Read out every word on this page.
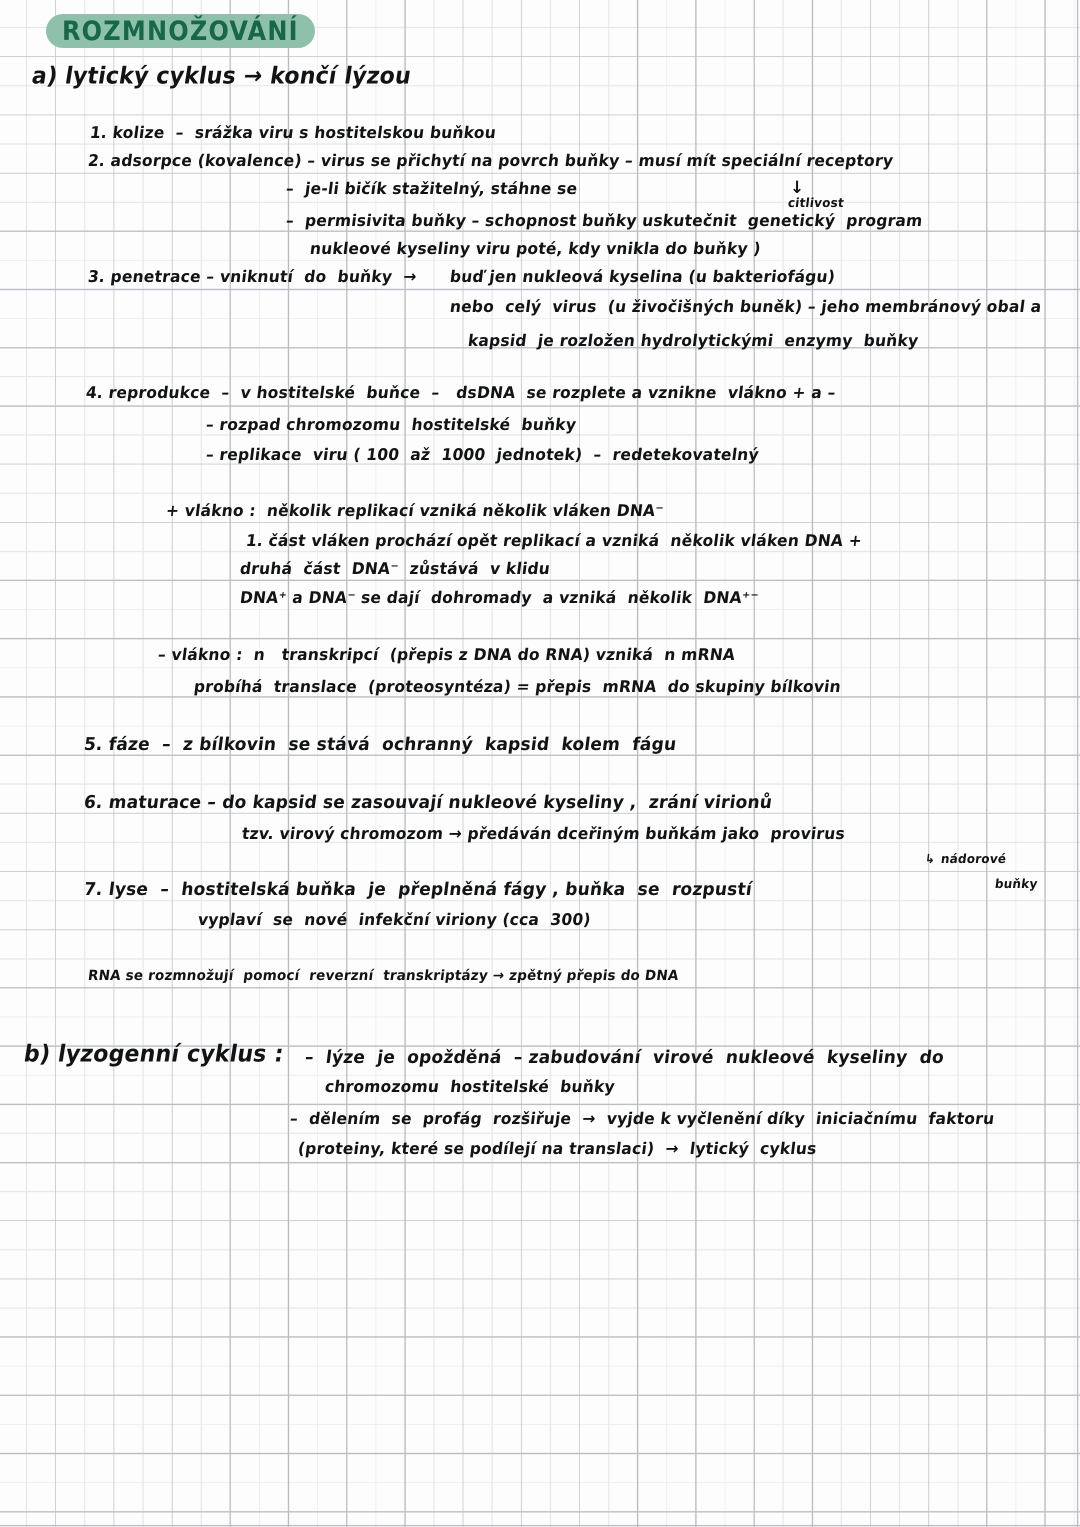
ROZMNOŽOVÁNÍ
a) lytický cyklus → končí lýzou
1. kolize  –  srážka viru s hostitelskou buňkou
2. adsorpce (kovalence) – virus se přichytí na povrch buňky – musí mít speciální receptory
–  je-li bičík stažitelný, stáhne se
–  permisivita buňky – schopnost buňky uskutečnit  genetický  program
nukleové kyseliny viru poté, kdy vnikla do buňky )
↓
citlivost
3. penetrace – vniknutí  do  buňky  → buď jen nukleová kyselina (u bakteriofágu)
nebo  celý  virus  (u živočišných buněk) – jeho membránový obal a
kapsid  je rozložen hydrolytickými  enzymy  buňky
4. reprodukce  –  v hostitelské  buňce  –   dsDNA  se rozplete a vznikne  vlákno + a –
– rozpad chromozomu  hostitelské  buňky
– replikace  viru ( 100  až  1000  jednotek)  –  redetekovatelný
+ vlákno :  několik replikací vzniká několik vláken DNA⁻
1. část vláken prochází opět replikací a vzniká  několik vláken DNA +
druhá  část  DNA⁻  zůstává  v klidu
DNA⁺ a DNA⁻ se dají  dohromady  a vzniká  několik  DNA⁺⁻
– vlákno :  n   transkripcí  (přepis z DNA do RNA) vzniká  n mRNA
probíhá  translace  (proteosyntéza) = přepis  mRNA  do skupiny bílkovin
5. fáze  –  z bílkovin  se stává  ochranný  kapsid  kolem  fágu
6. maturace – do kapsid se zasouvají nukleové kyseliny ,  zrání virionů
tzv. virový chromozom → předáván dceřiným buňkám jako  provirus
↳ nádorové
buňky
7. lyse  –  hostitelská buňka  je  přeplněná fágy , buňka  se  rozpustí
vyplaví  se  nové  infekční viriony (cca  300)
RNA se rozmnožují  pomocí  reverzní  transkriptázy → zpětný přepis do DNA
b) lyzogenní cyklus : –  lýze  je  opožděná  – zabudování  virové  nukleové  kyseliny  do
chromozomu  hostitelské  buňky
–  dělením  se  profág  rozšiřuje  →  vyjde k vyčlenění díky  iniciačnímu  faktoru
(proteiny, které se podílejí na translaci)  →  lytický  cyklus
